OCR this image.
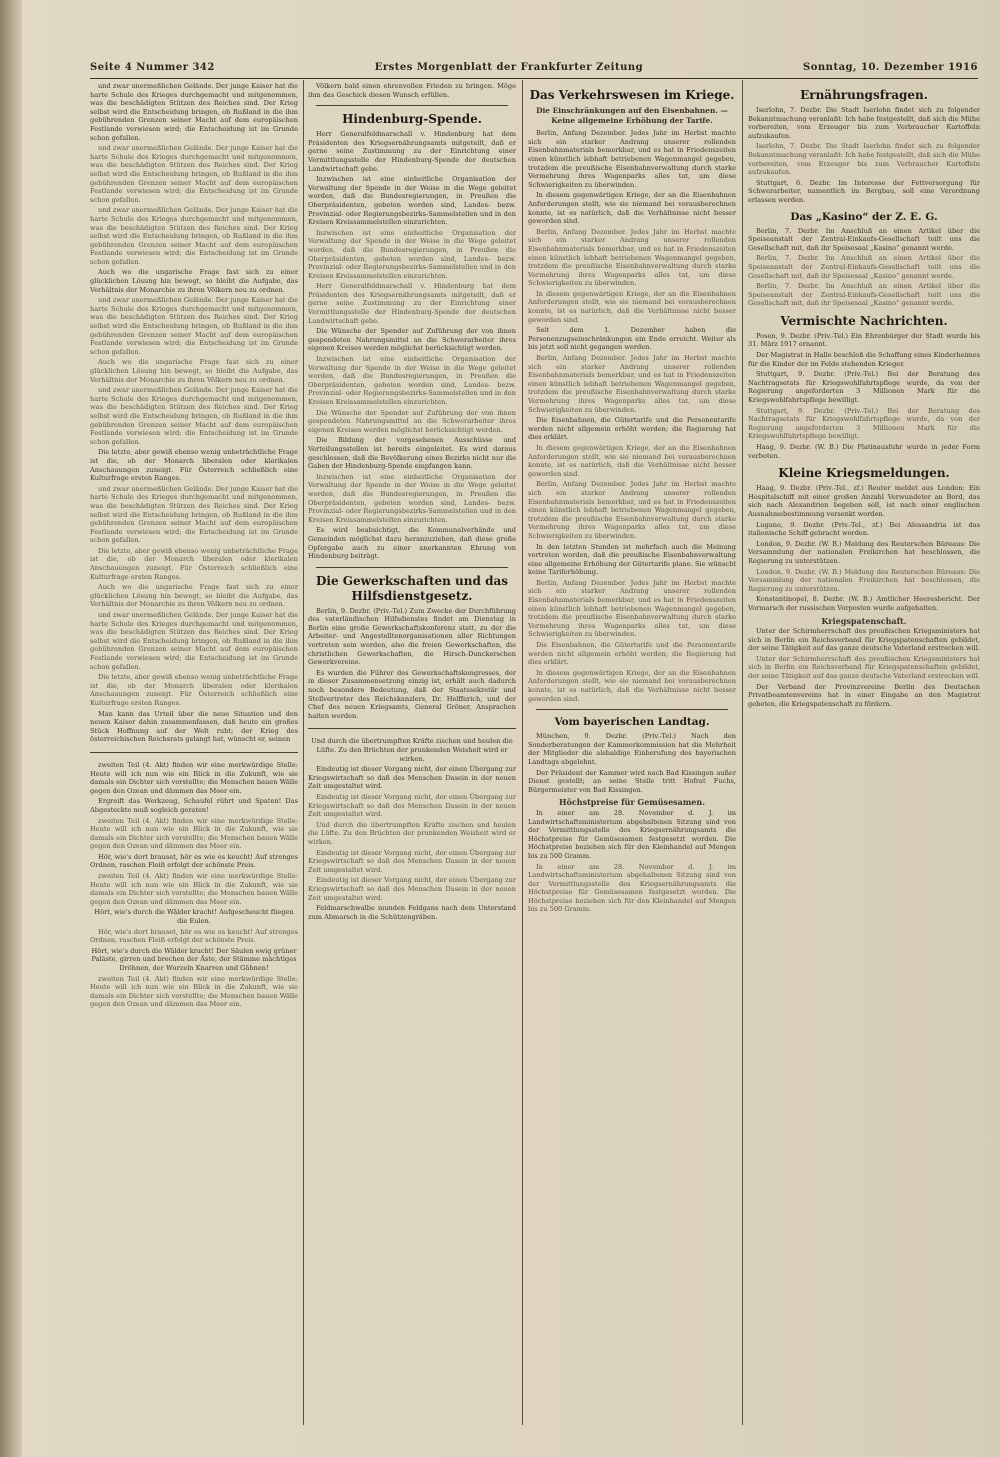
Seite 4 Nummer 342	Erstes Morgenblatt der Frankfurter Zeitung	Sonntag, 10. Dezember 1916

und zwar unermeßlichen Gelände. Der junge Kaiser hat die harte Schule des Krieges durchgemacht und mitgenommen, was die beschädigten Stützen des Reiches sind. Der Krieg selbst wird die Entscheidung bringen, ob Rußland in die ihm gebührenden Grenzen seiner Macht auf dem europäischen Festlande verwiesen wird; die Entscheidung ist im Grunde schon gefallen.

und zwar unermeßlichen Gelände. Der junge Kaiser hat die harte Schule des Krieges durchgemacht und mitgenommen, was die beschädigten Stützen des Reiches sind. Der Krieg selbst wird die Entscheidung bringen, ob Rußland in die ihm gebührenden Grenzen seiner Macht auf dem europäischen Festlande verwiesen wird; die Entscheidung ist im Grunde schon gefallen.

und zwar unermeßlichen Gelände. Der junge Kaiser hat die harte Schule des Krieges durchgemacht und mitgenommen, was die beschädigten Stützen des Reiches sind. Der Krieg selbst wird die Entscheidung bringen, ob Rußland in die ihm gebührenden Grenzen seiner Macht auf dem europäischen Festlande verwiesen wird; die Entscheidung ist im Grunde schon gefallen.

Auch wo die ungarische Frage fast sich zu einer glücklichen Lösung hin bewegt, so bleibt die Aufgabe, das Verhältnis der Monarchie zu ihren Völkern neu zu ordnen.

und zwar unermeßlichen Gelände. Der junge Kaiser hat die harte Schule des Krieges durchgemacht und mitgenommen, was die beschädigten Stützen des Reiches sind. Der Krieg selbst wird die Entscheidung bringen, ob Rußland in die ihm gebührenden Grenzen seiner Macht auf dem europäischen Festlande verwiesen wird; die Entscheidung ist im Grunde schon gefallen.

Auch wo die ungarische Frage fast sich zu einer glücklichen Lösung hin bewegt, so bleibt die Aufgabe, das Verhältnis der Monarchie zu ihren Völkern neu zu ordnen.

und zwar unermeßlichen Gelände. Der junge Kaiser hat die harte Schule des Krieges durchgemacht und mitgenommen, was die beschädigten Stützen des Reiches sind. Der Krieg selbst wird die Entscheidung bringen, ob Rußland in die ihm gebührenden Grenzen seiner Macht auf dem europäischen Festlande verwiesen wird; die Entscheidung ist im Grunde schon gefallen.

Die letzte, aber gewiß ebenso wenig unbeträchtliche Frage ist die, ob der Monarch liberalen oder klerikalen Anschauungen zuneigt. Für Österreich schließlich eine Kulturfrage ersten Ranges.

und zwar unermeßlichen Gelände. Der junge Kaiser hat die harte Schule des Krieges durchgemacht und mitgenommen, was die beschädigten Stützen des Reiches sind. Der Krieg selbst wird die Entscheidung bringen, ob Rußland in die ihm gebührenden Grenzen seiner Macht auf dem europäischen Festlande verwiesen wird; die Entscheidung ist im Grunde schon gefallen.

Die letzte, aber gewiß ebenso wenig unbeträchtliche Frage ist die, ob der Monarch liberalen oder klerikalen Anschauungen zuneigt. Für Österreich schließlich eine Kulturfrage ersten Ranges.

Auch wo die ungarische Frage fast sich zu einer glücklichen Lösung hin bewegt, so bleibt die Aufgabe, das Verhältnis der Monarchie zu ihren Völkern neu zu ordnen.

und zwar unermeßlichen Gelände. Der junge Kaiser hat die harte Schule des Krieges durchgemacht und mitgenommen, was die beschädigten Stützen des Reiches sind. Der Krieg selbst wird die Entscheidung bringen, ob Rußland in die ihm gebührenden Grenzen seiner Macht auf dem europäischen Festlande verwiesen wird; die Entscheidung ist im Grunde schon gefallen.

Die letzte, aber gewiß ebenso wenig unbeträchtliche Frage ist die, ob der Monarch liberalen oder klerikalen Anschauungen zuneigt. Für Österreich schließlich eine Kulturfrage ersten Ranges.

Man kann das Urteil über die neue Situation und den neuen Kaiser dahin zusammenfassen, daß heute ein großes Stück Hoffnung auf der Welt ruht; der Krieg des österreichischen Reichsrats gelangt hat, wünscht er, seinen

zweiten Teil (4. Akt) finden wir eine merkwürdige Stelle: Heute will ich nun wie ein Blick in die Zukunft, wie sie damals ein Dichter sich vorstellte; die Menschen bauen Wälle gegen den Ozean und dämmen das Meer ein.

Ergreift das Werkzeug, Schaufel rührt und Spaten! Das Abgesteckte muß sogleich geraten!

zweiten Teil (4. Akt) finden wir eine merkwürdige Stelle: Heute will ich nun wie ein Blick in die Zukunft, wie sie damals ein Dichter sich vorstellte; die Menschen bauen Wälle gegen den Ozean und dämmen das Meer ein.

Hör, wie's dort brauset, hör es wie es keucht! Auf strenges Ordnen, raschen Fleiß erfolgt der schönste Preis.

zweiten Teil (4. Akt) finden wir eine merkwürdige Stelle: Heute will ich nun wie ein Blick in die Zukunft, wie sie damals ein Dichter sich vorstellte; die Menschen bauen Wälle gegen den Ozean und dämmen das Meer ein.

Hört, wie's durch die Wälder kracht! Aufgescheucht fliegen die Eulen.

Hör, wie's dort brauset, hör es wie es keucht! Auf strenges Ordnen, raschen Fleiß erfolgt der schönste Preis.

Hört, wie's durch die Wälder kracht! Der Säulen ewig grüner Paläste, girren und brechen der Äste, der Stämme mächtiges Dröhnen, der Wurzeln Knarren und Gähnen!

zweiten Teil (4. Akt) finden wir eine merkwürdige Stelle: Heute will ich nun wie ein Blick in die Zukunft, wie sie damals ein Dichter sich vorstellte; die Menschen bauen Wälle gegen den Ozean und dämmen das Meer ein.

Völkern bald einen ehrenvollen Frieden zu bringen. Möge ihm das Geschick diesen Wunsch erfüllen.

Hindenburg-Spende.

Herr Generalfeldmarschall v. Hindenburg hat dem Präsidenten des Kriegsernährungsamts mitgeteilt, daß er gerne seine Zustimmung zu der Einrichtung einer Vermittlungsstelle der Hindenburg-Spende der deutschen Landwirtschaft gebe.

Inzwischen ist eine einheitliche Organisation der Verwaltung der Spende in der Weise in die Wege geleitet worden, daß die Bundesregierungen, in Preußen die Oberpräsidenten, gebeten worden sind, Landes- bezw. Provinzial- oder Regierungsbezirks-Sammelstellen und in den Kreisen Kreissammelstellen einzurichten.

Inzwischen ist eine einheitliche Organisation der Verwaltung der Spende in der Weise in die Wege geleitet worden, daß die Bundesregierungen, in Preußen die Oberpräsidenten, gebeten worden sind, Landes- bezw. Provinzial- oder Regierungsbezirks-Sammelstellen und in den Kreisen Kreissammelstellen einzurichten.

Herr Generalfeldmarschall v. Hindenburg hat dem Präsidenten des Kriegsernährungsamts mitgeteilt, daß er gerne seine Zustimmung zu der Einrichtung einer Vermittlungsstelle der Hindenburg-Spende der deutschen Landwirtschaft gebe.

Die Wünsche der Spender auf Zuführung der von ihnen gespendeten Nahrungsmittel an die Schwerarbeiter ihres eigenen Kreises werden möglichst berücksichtigt werden.

Inzwischen ist eine einheitliche Organisation der Verwaltung der Spende in der Weise in die Wege geleitet worden, daß die Bundesregierungen, in Preußen die Oberpräsidenten, gebeten worden sind, Landes- bezw. Provinzial- oder Regierungsbezirks-Sammelstellen und in den Kreisen Kreissammelstellen einzurichten.

Die Wünsche der Spender auf Zuführung der von ihnen gespendeten Nahrungsmittel an die Schwerarbeiter ihres eigenen Kreises werden möglichst berücksichtigt werden.

Die Bildung der vorgesehenen Ausschüsse und Verteilungsstellen ist bereits eingeleitet. Es wird daraus geschlossen, daß die Bevölkerung eines Bezirks nicht nur die Gaben der Hindenburg-Spende empfangen kann.

Inzwischen ist eine einheitliche Organisation der Verwaltung der Spende in der Weise in die Wege geleitet worden, daß die Bundesregierungen, in Preußen die Oberpräsidenten, gebeten worden sind, Landes- bezw. Provinzial- oder Regierungsbezirks-Sammelstellen und in den Kreisen Kreissammelstellen einzurichten.

Es wird beabsichtigt, die Kommunalverbände und Gemeinden möglichst dazu heranzuziehen, daß diese große Opfergabe auch zu einer anerkannten Ehrung von Hindenburg beiträgt.

Die Gewerkschaften und das Hilfsdienstgesetz.

Berlin, 9. Dezbr. (Priv.-Tel.) Zum Zwecke der Durchführung des vaterländischen Hilfsdienstes findet am Dienstag in Berlin eine große Gewerkschaftskonferenz statt, zu der die Arbeiter- und Angestelltenorganisationen aller Richtungen vertreten sein werden, also die freien Gewerkschaften, die christlichen Gewerkschaften, die Hirsch-Dunckerschen Gewerkvereine.

Es wurden die Führer des Gewerkschaftskongresses, der in dieser Zusammensetzung einzig ist, erhält auch dadurch noch besondere Bedeutung, daß der Staatssekretär und Stellvertreter des Reichskanzlers, Dr. Helfferich, und der Chef des neuen Kriegsamts, General Gröner, Ansprachen halten werden.

Und durch die übertrumpften Kräfte zischen und heulen die Lüfte. Zu den Brüchten der prunkenden Weisheit wird er wirken.

Eindeutig ist dieser Vorgang nicht, der einen Übergang zur Kriegswirtschaft so daß des Menschen Dasein in der neuen Zeit umgestaltet wird.

Eindeutig ist dieser Vorgang nicht, der einen Übergang zur Kriegswirtschaft so daß des Menschen Dasein in der neuen Zeit umgestaltet wird.

Und durch die übertrumpften Kräfte zischen und heulen die Lüfte. Zu den Brüchten der prunkenden Weisheit wird er wirken.

Eindeutig ist dieser Vorgang nicht, der einen Übergang zur Kriegswirtschaft so daß des Menschen Dasein in der neuen Zeit umgestaltet wird.

Eindeutig ist dieser Vorgang nicht, der einen Übergang zur Kriegswirtschaft so daß des Menschen Dasein in der neuen Zeit umgestaltet wird.

Feldmarschwalbe munden Feldgans nach dem Unterstand zum Abmarsch in die Schützengräben.

Das Verkehrswesen im Kriege.
Die Einschränkungen auf den Eisenbahnen. — Keine allgemeine Erhöhung der Tarife.

Berlin, Anfang Dezember. Jedes Jahr im Herbst machte sich ein starker Andrang unserer rollenden Eisenbahnmaterials bemerkbar, und es hat in Friedenszeiten einen künstlich lebhaft betriebenen Wagenmangel gegeben, trotzdem die preußische Eisenbahnverwaltung durch starke Vermehrung ihres Wagenparks alles tat, um diese Schwierigkeiten zu überwinden.

In diesem gegenwärtigen Kriege, der an die Eisenbahnen Anforderungen stellt, wie sie niemand bei vorausberechnen konnte, ist es natürlich, daß die Verhältnisse nicht besser geworden sind.

Berlin, Anfang Dezember. Jedes Jahr im Herbst machte sich ein starker Andrang unserer rollenden Eisenbahnmaterials bemerkbar, und es hat in Friedenszeiten einen künstlich lebhaft betriebenen Wagenmangel gegeben, trotzdem die preußische Eisenbahnverwaltung durch starke Vermehrung ihres Wagenparks alles tat, um diese Schwierigkeiten zu überwinden.

In diesem gegenwärtigen Kriege, der an die Eisenbahnen Anforderungen stellt, wie sie niemand bei vorausberechnen konnte, ist es natürlich, daß die Verhältnisse nicht besser geworden sind.

Seit dem 1. Dezember haben die Personenzugseinschränkungen ein Ende erreicht. Weiter als bis jetzt soll nicht gegangen werden.

Berlin, Anfang Dezember. Jedes Jahr im Herbst machte sich ein starker Andrang unserer rollenden Eisenbahnmaterials bemerkbar, und es hat in Friedenszeiten einen künstlich lebhaft betriebenen Wagenmangel gegeben, trotzdem die preußische Eisenbahnverwaltung durch starke Vermehrung ihres Wagenparks alles tat, um diese Schwierigkeiten zu überwinden.

Die Eisenbahnen, die Gütertarife und die Personentarife werden nicht allgemein erhöht werden; die Regierung hat dies erklärt.

In diesem gegenwärtigen Kriege, der an die Eisenbahnen Anforderungen stellt, wie sie niemand bei vorausberechnen konnte, ist es natürlich, daß die Verhältnisse nicht besser geworden sind.

Berlin, Anfang Dezember. Jedes Jahr im Herbst machte sich ein starker Andrang unserer rollenden Eisenbahnmaterials bemerkbar, und es hat in Friedenszeiten einen künstlich lebhaft betriebenen Wagenmangel gegeben, trotzdem die preußische Eisenbahnverwaltung durch starke Vermehrung ihres Wagenparks alles tat, um diese Schwierigkeiten zu überwinden.

In den letzten Stunden ist mehrfach auch die Meinung vertreten worden, daß die preußische Eisenbahnverwaltung eine allgemeine Erhöhung der Gütertarife plane. Sie wünscht keine Tariferhöhung.

Berlin, Anfang Dezember. Jedes Jahr im Herbst machte sich ein starker Andrang unserer rollenden Eisenbahnmaterials bemerkbar, und es hat in Friedenszeiten einen künstlich lebhaft betriebenen Wagenmangel gegeben, trotzdem die preußische Eisenbahnverwaltung durch starke Vermehrung ihres Wagenparks alles tat, um diese Schwierigkeiten zu überwinden.

Die Eisenbahnen, die Gütertarife und die Personentarife werden nicht allgemein erhöht werden; die Regierung hat dies erklärt.

In diesem gegenwärtigen Kriege, der an die Eisenbahnen Anforderungen stellt, wie sie niemand bei vorausberechnen konnte, ist es natürlich, daß die Verhältnisse nicht besser geworden sind.

Vom bayerischen Landtag.

München, 9. Dezbr. (Priv.-Tel.) Nach den Sonderberatungen der Kammerkommission hat die Mehrheit der Mitglieder die alsbaldige Einberufung des bayerischen Landtags abgelehnt.

Der Präsident der Kammer wird nach Bad Kissingen außer Dienst gestellt; an seine Stelle tritt Hofrat Fuchs, Bürgermeister von Bad Kissingen.

Höchstpreise für Gemüsesamen.

In einer am 28. November d. J. im Landwirtschaftsministerium abgehaltenen Sitzung sind von der Vermittlungsstelle des Kriegsernährungsamts die Höchstpreise für Gemüsesamen festgesetzt worden. Die Höchstpreise beziehen sich für den Kleinhandel auf Mengen bis zu 500 Gramm.

In einer am 28. November d. J. im Landwirtschaftsministerium abgehaltenen Sitzung sind von der Vermittlungsstelle des Kriegsernährungsamts die Höchstpreise für Gemüsesamen festgesetzt worden. Die Höchstpreise beziehen sich für den Kleinhandel auf Mengen bis zu 500 Gramm.

Ernährungsfragen.

Iserlohn, 7. Dezbr. Die Stadt Iserlohn findet sich zu folgender Bekanntmachung veranlaßt: Ich habe festgestellt, daß sich die Mühe vorbereiten, vom Erzeuger bis zum Verbraucher Kartoffeln aufzukaufen.

Iserlohn, 7. Dezbr. Die Stadt Iserlohn findet sich zu folgender Bekanntmachung veranlaßt: Ich habe festgestellt, daß sich die Mühe vorbereiten, vom Erzeuger bis zum Verbraucher Kartoffeln aufzukaufen.

Stuttgart, 6. Dezbr. Im Interesse der Fettversorgung für Schwerarbeiter, namentlich im Bergbau, soll eine Verordnung erlassen werden.

Das „Kasino“ der Z. E. G.

Berlin, 7. Dezbr. Im Anschluß an einen Artikel über die Speiseanstalt der Zentral-Einkaufs-Gesellschaft teilt uns die Gesellschaft mit, daß ihr Speisesaal „Kasino“ genannt werde.

Berlin, 7. Dezbr. Im Anschluß an einen Artikel über die Speiseanstalt der Zentral-Einkaufs-Gesellschaft teilt uns die Gesellschaft mit, daß ihr Speisesaal „Kasino“ genannt werde.

Berlin, 7. Dezbr. Im Anschluß an einen Artikel über die Speiseanstalt der Zentral-Einkaufs-Gesellschaft teilt uns die Gesellschaft mit, daß ihr Speisesaal „Kasino“ genannt werde.

Vermischte Nachrichten.

Posen, 9. Dezbr. (Priv.-Tel.) Ein Ehrenbürger der Stadt wurde bis 31. März 1917 ernannt.

Der Magistrat in Halle beschloß die Schaffung eines Kinderheimes für die Kinder der im Felde stehenden Krieger.

Stuttgart, 9. Dezbr. (Priv.-Tel.) Bei der Beratung des Nachtragsetats für Kriegswohlfahrtspflege wurde, da von der Regierung angeforderten 3 Millionen Mark für die Kriegswohlfahrtspflege bewilligt.

Stuttgart, 9. Dezbr. (Priv.-Tel.) Bei der Beratung des Nachtragsetats für Kriegswohlfahrtspflege wurde, da von der Regierung angeforderten 3 Millionen Mark für die Kriegswohlfahrtspflege bewilligt.

Haag, 9. Dezbr. (W. B.) Die Platinausfuhr wurde in jeder Form verboten.

Kleine Kriegsmeldungen.

Haag, 9. Dezbr. (Priv.-Tel., zf.) Reuter meldet aus London: Ein Hospitalschiff mit einer großen Anzahl Verwundeter an Bord, das sich nach Alexandrien begeben soll, ist nach einer englischen Ausnahmebestimmung versenkt worden.

Lugano, 9. Dezbr. (Priv.-Tel., zf.) Bei Alessandria ist das italienische Schiff gebracht worden.

London, 9. Dezbr. (W. B.) Meldung des Reuterschen Büreaus: Die Versammlung der nationalen Freikirchen hat beschlossen, die Regierung zu unterstützen.

London, 9. Dezbr. (W. B.) Meldung des Reuterschen Büreaus: Die Versammlung der nationalen Freikirchen hat beschlossen, die Regierung zu unterstützen.

Konstantinopel, 8. Dezbr. (W. B.) Amtlicher Heeresbericht. Der Vormarsch der russischen Vorposten wurde aufgehalten.

Kriegspatenschaft.

Unter der Schirmherrschaft des preußischen Kriegsministers hat sich in Berlin ein Reichsverband für Kriegspatenschaften gebildet, der seine Tätigkeit auf das ganze deutsche Vaterland erstrecken will.

Unter der Schirmherrschaft des preußischen Kriegsministers hat sich in Berlin ein Reichsverband für Kriegspatenschaften gebildet, der seine Tätigkeit auf das ganze deutsche Vaterland erstrecken will.

Der Verband der Provinzvereine Berlin des Deutschen Privatbeamtenvereins hat in einer Eingabe an den Magistrat gebeten, die Kriegspatenschaft zu fördern.
